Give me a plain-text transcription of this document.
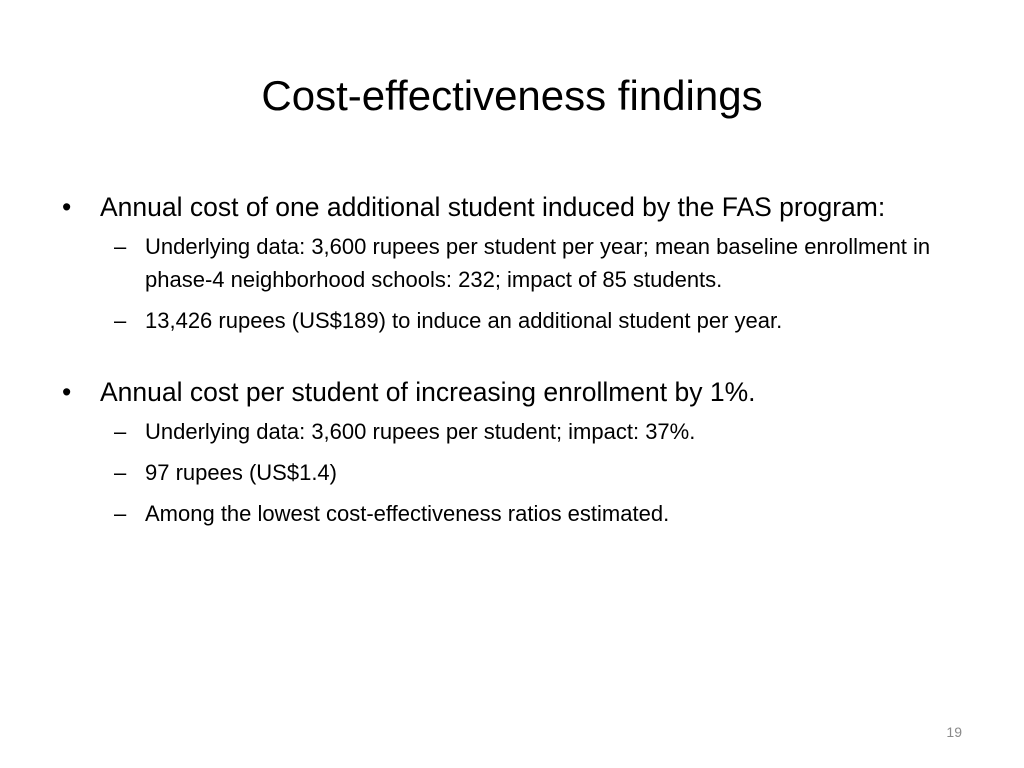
Cost-effectiveness findings
•	Annual cost of one additional student induced by the FAS program:
– Underlying data: 3,600 rupees per student per year; mean baseline enrollment in phase-4 neighborhood schools: 232; impact of 85 students.
– 13,426 rupees (US$189) to induce an additional student per year.
•	Annual cost per student of increasing enrollment by 1%.
– Underlying data: 3,600 rupees per student; impact: 37%.
– 97 rupees (US$1.4)
– Among the lowest cost-effectiveness ratios estimated.
19
